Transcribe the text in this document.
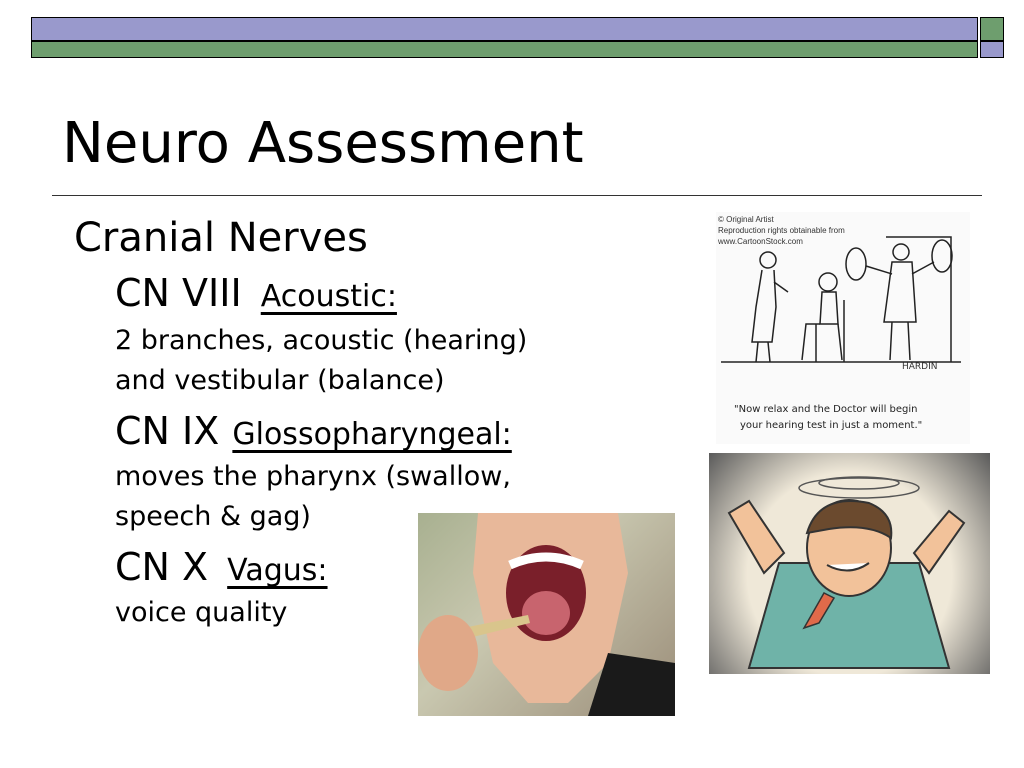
Neuro Assessment
Cranial Nerves
CN VIII Acoustic:
2 branches, acoustic (hearing)
and vestibular (balance)
CN IX Glossopharyngeal:
moves the pharynx (swallow,
speech & gag)
CN X Vagus:
voice quality
© Original Artist
Reproduction rights obtainable from
www.CartoonStock.com
HARDIN
"Now relax and the Doctor will begin
your hearing test in just a moment."
